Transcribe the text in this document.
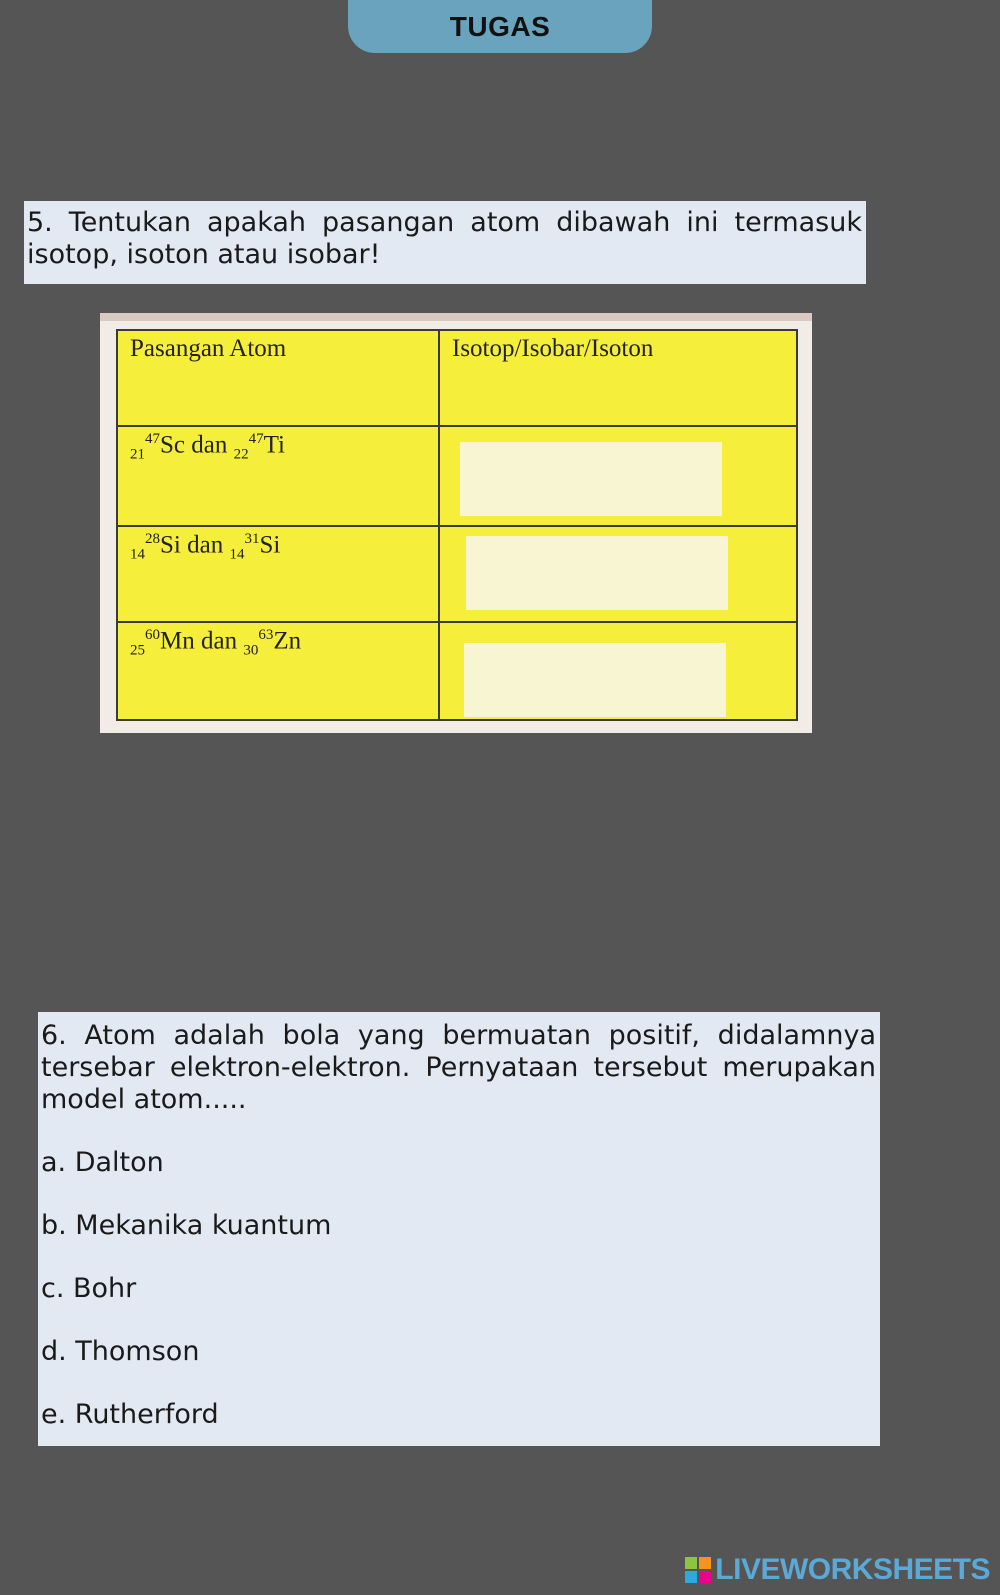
TUGAS
5. Tentukan apakah pasangan atom dibawah ini termasuk isotop, isoton atau isobar!
Pasangan Atom	Isotop/Isobar/Isoton
$_{21}^{47}$Sc dan $_{22}^{47}$Ti	

$_{14}^{28}$Si dan $_{14}^{31}$Si	

$_{25}^{60}$Mn dan $_{30}^{63}$Zn	
6. Atom adalah bola yang bermuatan positif, didalamnya tersebar elektron-elektron. Pernyataan tersebut merupakan model atom.....
a. Dalton
b. Mekanika kuantum
c. Bohr
d. Thomson
e. Rutherford
LIVEWORKSHEETS
